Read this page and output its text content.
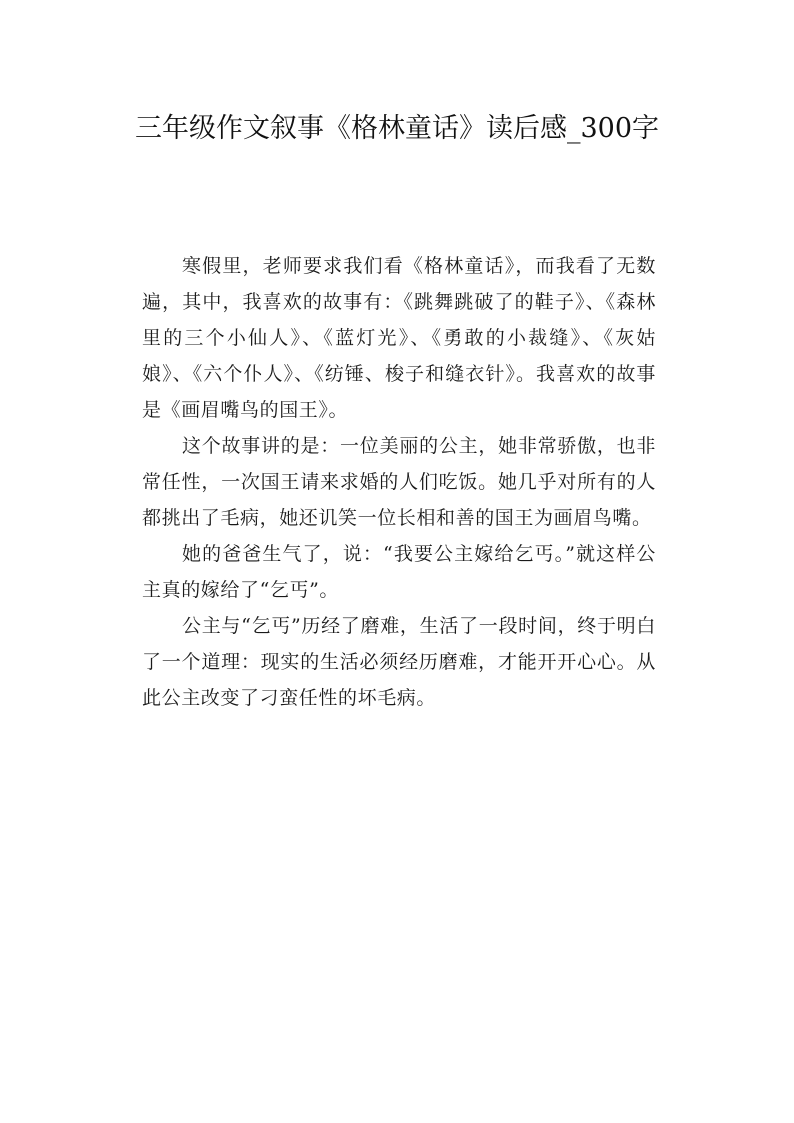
三年级作文叙事《格林童话》读后感_300字

寒假里，老师要求我们看《格林童话》，而我看了无数遍，其中，我喜欢的故事有：《跳舞跳破了的鞋子》、《森林里的三个小仙人》、《蓝灯光》、《勇敢的小裁缝》、《灰姑娘》、《六个仆人》、《纺锤、梭子和缝衣针》。我喜欢的故事是《画眉嘴鸟的国王》。

这个故事讲的是：一位美丽的公主，她非常骄傲，也非常任性，一次国王请来求婚的人们吃饭。她几乎对所有的人都挑出了毛病，她还讥笑一位长相和善的国王为画眉鸟嘴。

她的爸爸生气了，说：“我要公主嫁给乞丐。”就这样公主真的嫁给了“乞丐”。

公主与“乞丐”历经了磨难，生活了一段时间，终于明白了一个道理：现实的生活必须经历磨难，才能开开心心。从此公主改变了刁蛮任性的坏毛病。
